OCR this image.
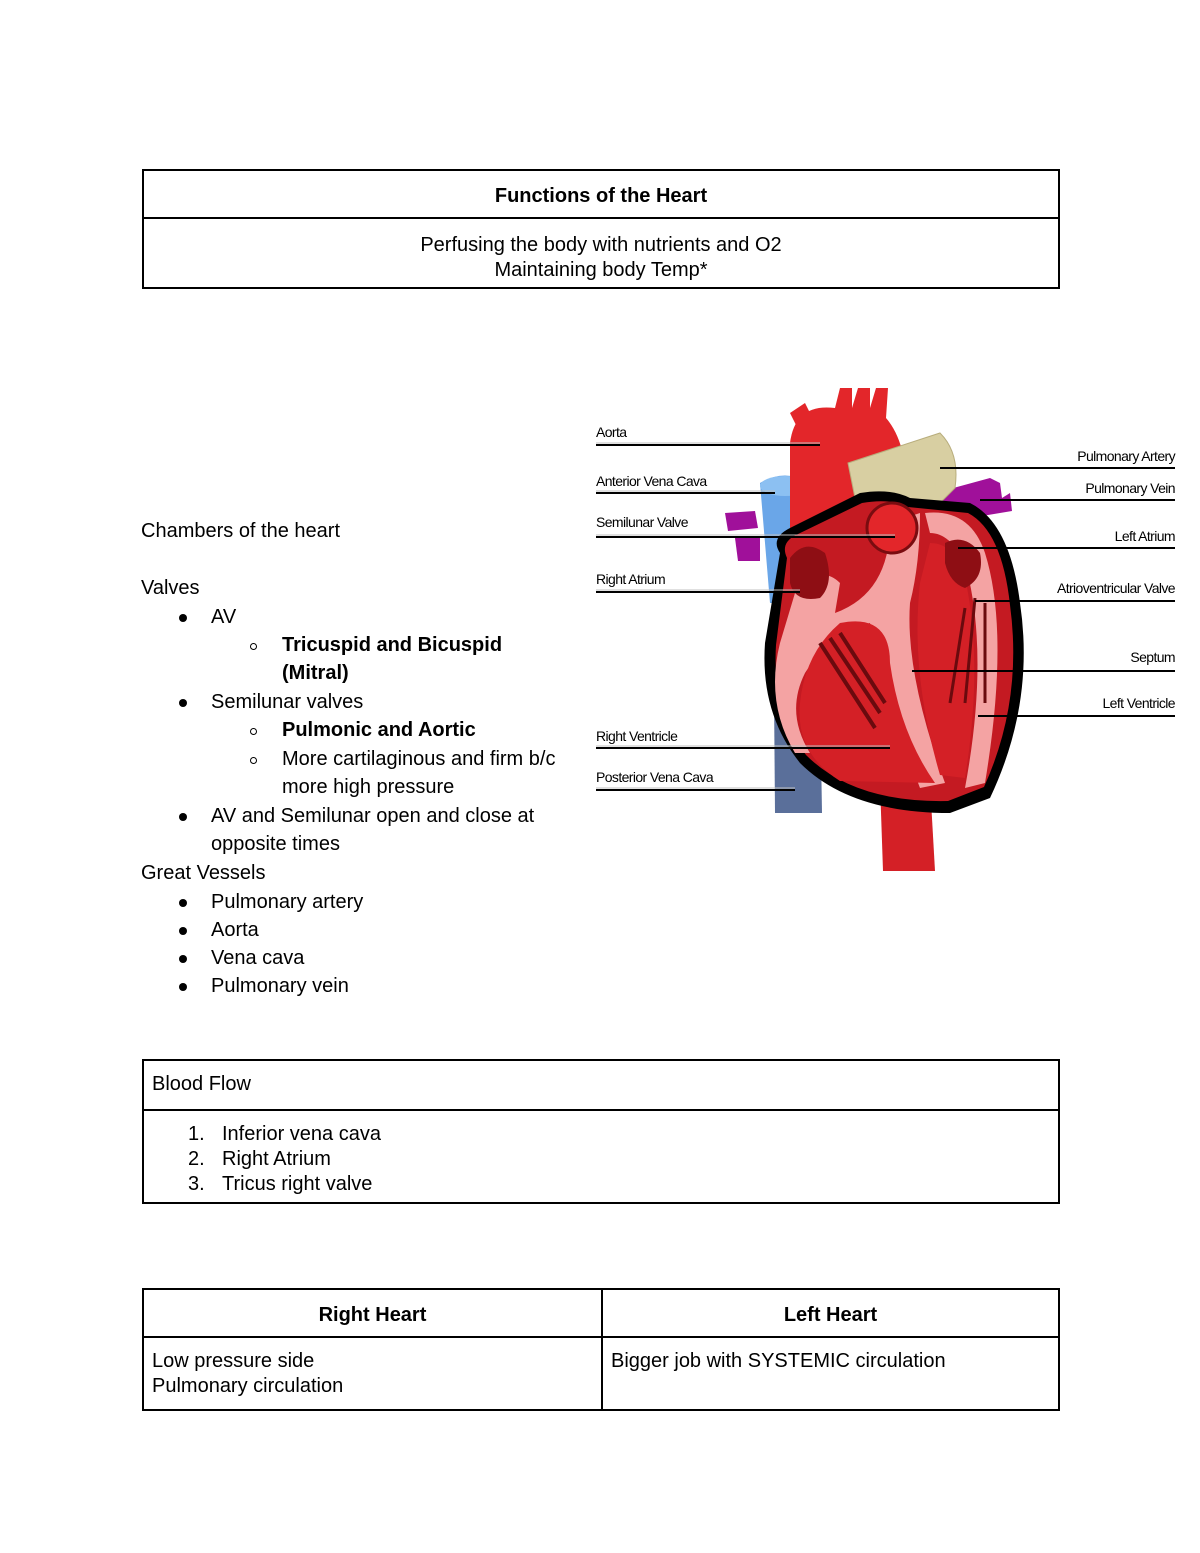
Functions of the Heart
Perfusing the body with nutrients and O2
Maintaining body Temp*
Chambers of the heart
Valves
AV
Tricuspid and Bicuspid
(Mitral)
Semilunar valves
Pulmonic and Aortic
More cartilaginous and firm b/c
more high pressure
AV and Semilunar open and close at
opposite times
Great Vessels
Pulmonary artery
Aorta
Vena cava
Pulmonary vein
Aorta
Anterior Vena Cava
Semilunar Valve
Right Atrium
Right Ventricle
Posterior Vena Cava
Pulmonary Artery
Pulmonary Vein
Left Atrium
Atrioventricular Valve
Septum
Left Ventricle
Blood Flow
1. Inferior vena cava
2. Right Atrium
3. Tricus right valve
Right Heart
Low pressure side
Pulmonary circulation
Left Heart
Bigger job with SYSTEMIC circulation
